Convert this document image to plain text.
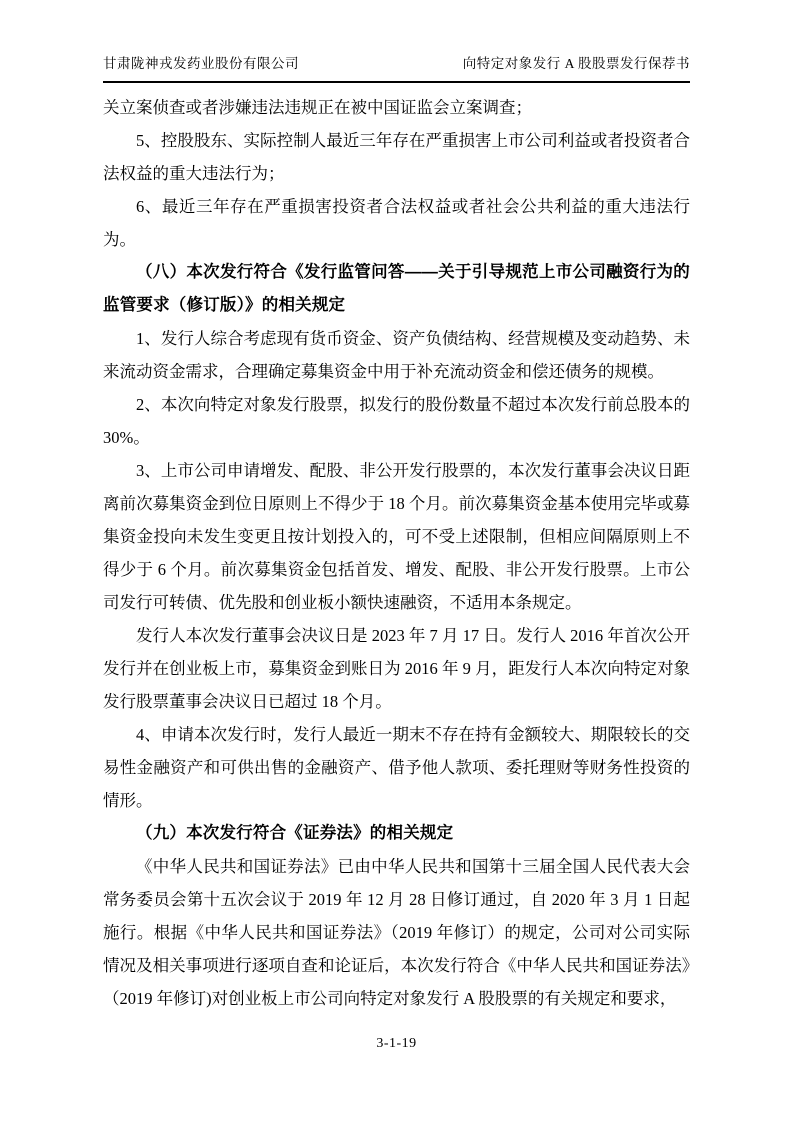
甘肃陇神戎发药业股份有限公司	向特定对象发行 A 股股票发行保荐书

关立案侦查或者涉嫌违法违规正在被中国证监会立案调查；

5、控股股东、实际控制人最近三年存在严重损害上市公司利益或者投资者合法权益的重大违法行为；

6、最近三年存在严重损害投资者合法权益或者社会公共利益的重大违法行为。

（八）本次发行符合《发行监管问答——关于引导规范上市公司融资行为的监管要求（修订版）》的相关规定

1、发行人综合考虑现有货币资金、资产负债结构、经营规模及变动趋势、未来流动资金需求，合理确定募集资金中用于补充流动资金和偿还债务的规模。

2、本次向特定对象发行股票，拟发行的股份数量不超过本次发行前总股本的 30%。

3、上市公司申请增发、配股、非公开发行股票的，本次发行董事会决议日距离前次募集资金到位日原则上不得少于 18 个月。前次募集资金基本使用完毕或募集资金投向未发生变更且按计划投入的，可不受上述限制，但相应间隔原则上不得少于 6 个月。前次募集资金包括首发、增发、配股、非公开发行股票。上市公司发行可转债、优先股和创业板小额快速融资，不适用本条规定。

发行人本次发行董事会决议日是 2023 年 7 月 17 日。发行人 2016 年首次公开发行并在创业板上市，募集资金到账日为 2016 年 9 月，距发行人本次向特定对象发行股票董事会决议日已超过 18 个月。

4、申请本次发行时，发行人最近一期末不存在持有金额较大、期限较长的交易性金融资产和可供出售的金融资产、借予他人款项、委托理财等财务性投资的情形。

（九）本次发行符合《证券法》的相关规定

《中华人民共和国证券法》已由中华人民共和国第十三届全国人民代表大会常务委员会第十五次会议于 2019 年 12 月 28 日修订通过，自 2020 年 3 月 1 日起施行。根据《中华人民共和国证券法》（2019 年修订）的规定，公司对公司实际情况及相关事项进行逐项自查和论证后，本次发行符合《中华人民共和国证券法》（2019 年修订)对创业板上市公司向特定对象发行 A 股股票的有关规定和要求，

3-1-19
